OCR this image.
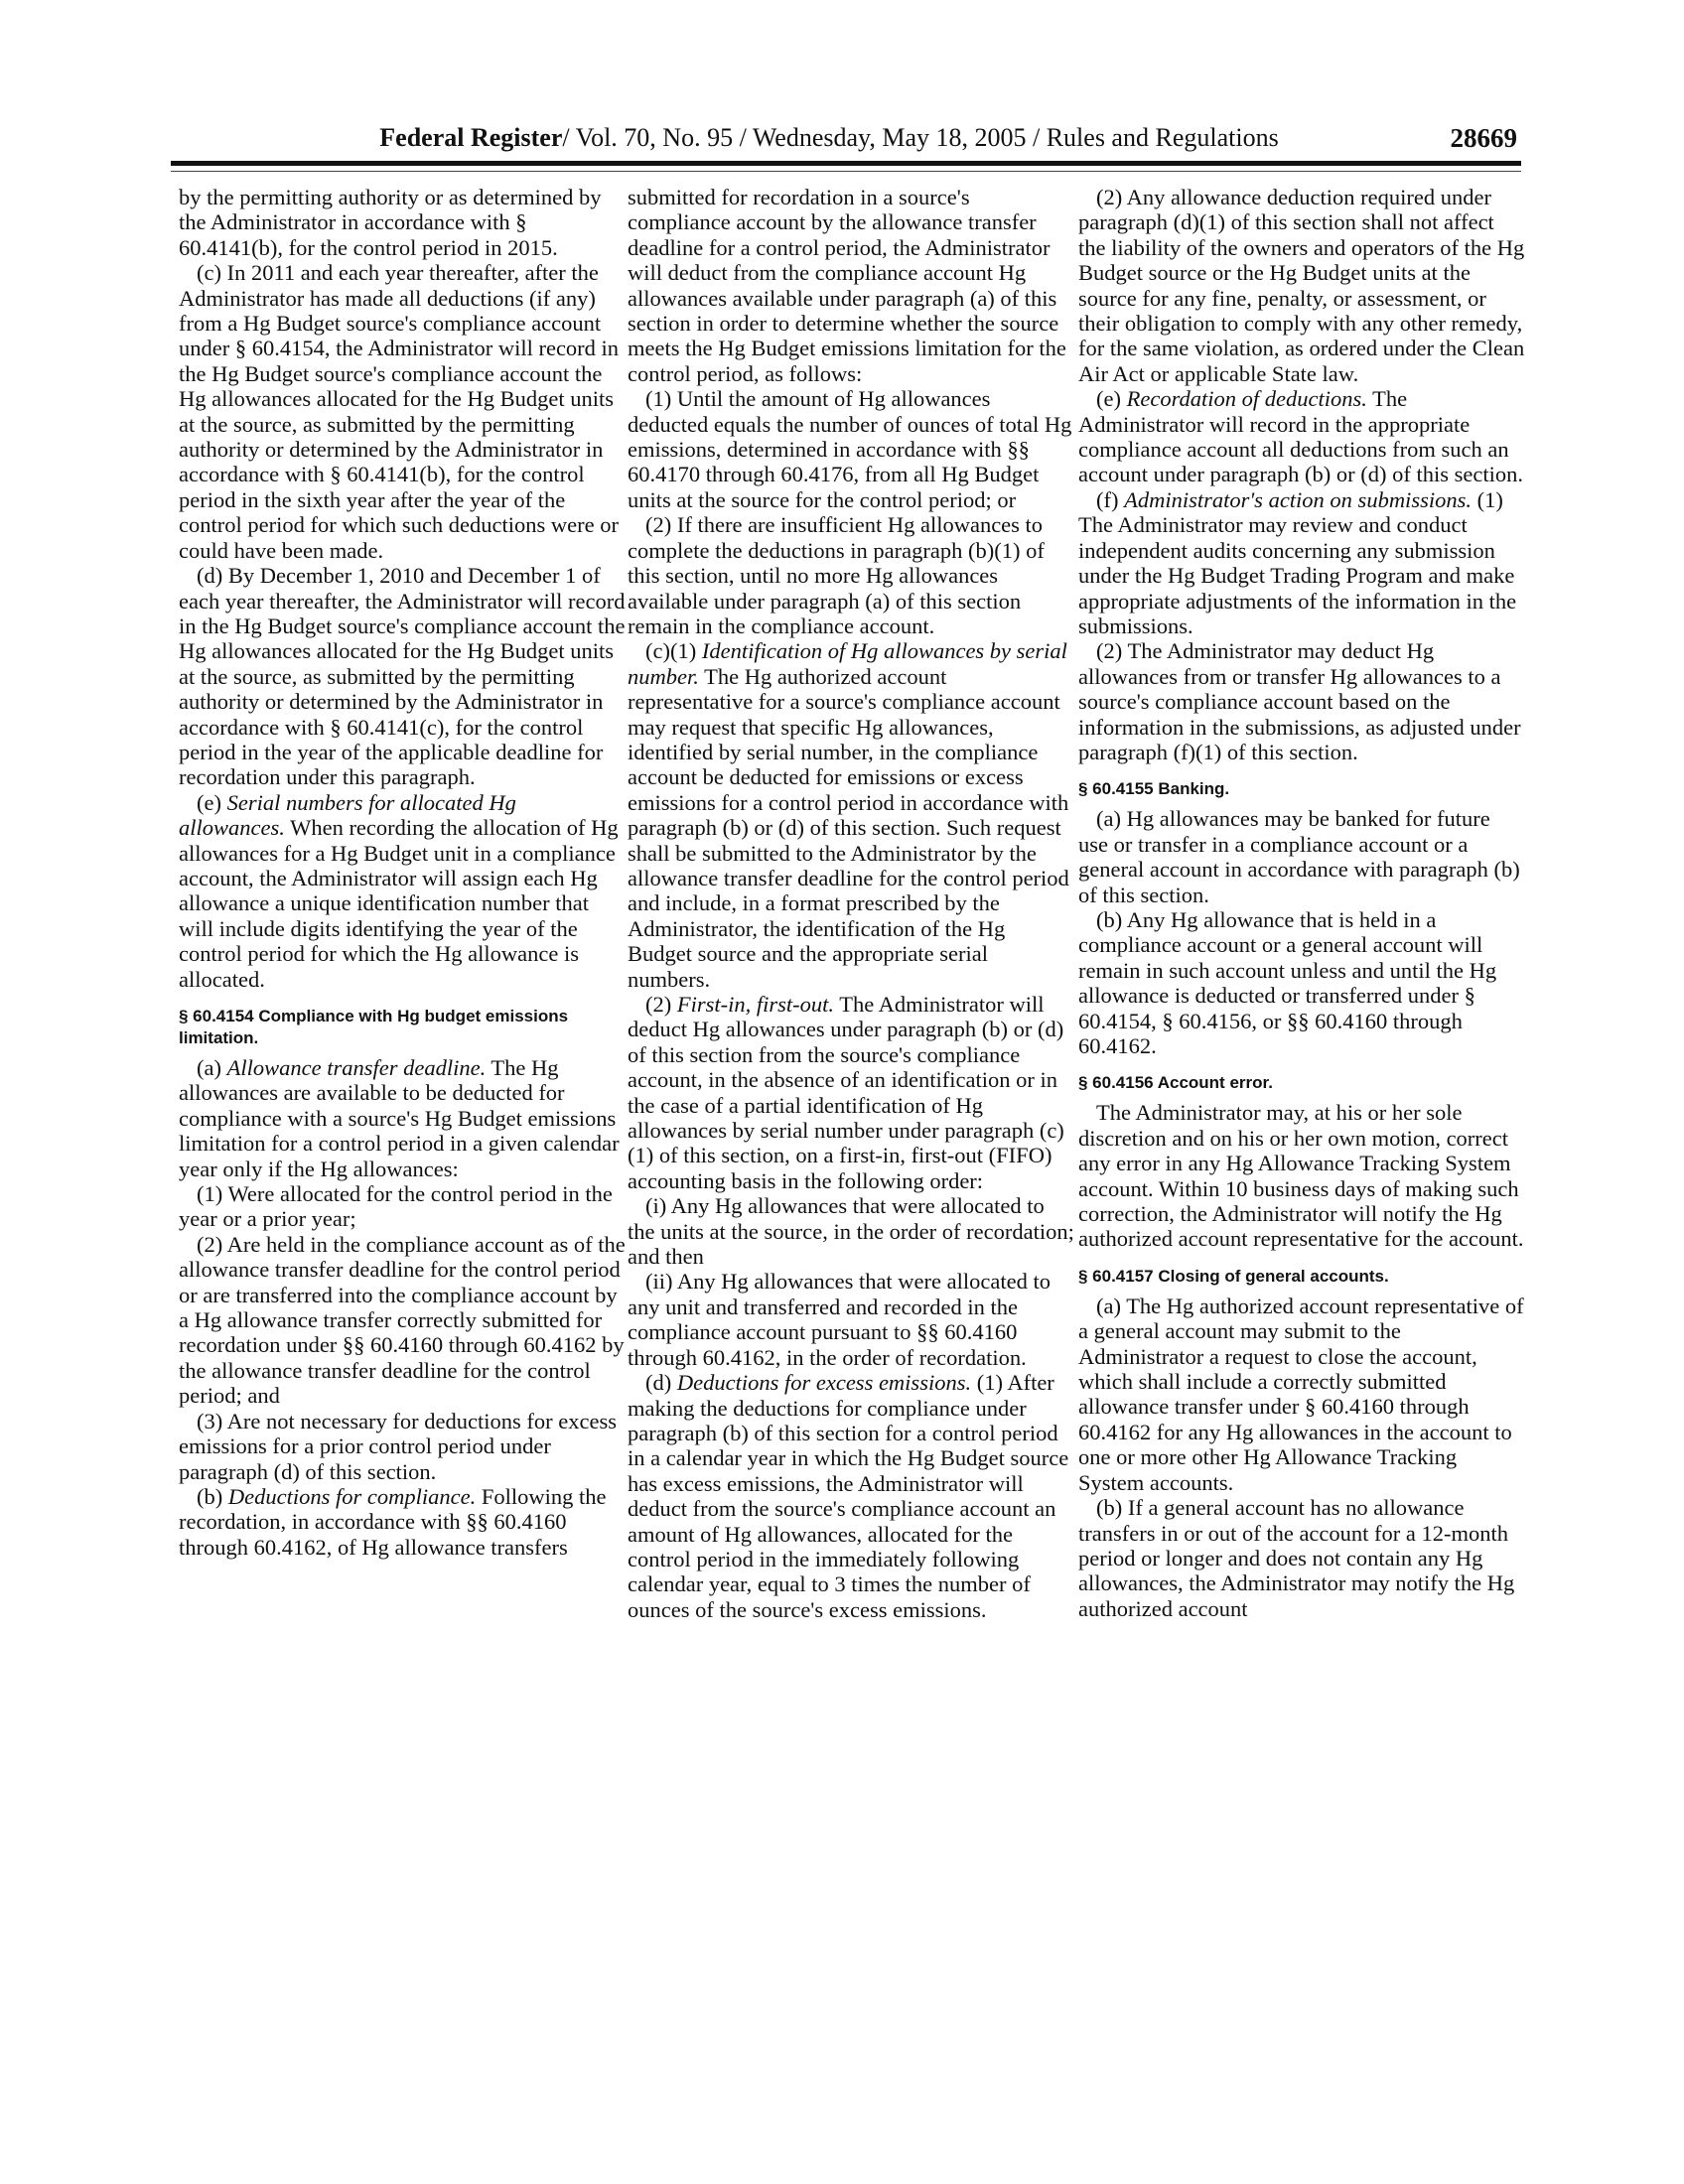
Federal Register/ Vol. 70, No. 95 / Wednesday, May 18, 2005 / Rules and Regulations	28669

by the permitting authority or as determined by the Administrator in accordance with § 60.4141(b), for the control period in 2015.

(c) In 2011 and each year thereafter, after the Administrator has made all deductions (if any) from a Hg Budget source's compliance account under § 60.4154, the Administrator will record in the Hg Budget source's compliance account the Hg allowances allocated for the Hg Budget units at the source, as submitted by the permitting authority or determined by the Administrator in accordance with § 60.4141(b), for the control period in the sixth year after the year of the control period for which such deductions were or could have been made.

(d) By December 1, 2010 and December 1 of each year thereafter, the Administrator will record in the Hg Budget source's compliance account the Hg allowances allocated for the Hg Budget units at the source, as submitted by the permitting authority or determined by the Administrator in accordance with § 60.4141(c), for the control period in the year of the applicable deadline for recordation under this paragraph.

(e) Serial numbers for allocated Hg allowances. When recording the allocation of Hg allowances for a Hg Budget unit in a compliance account, the Administrator will assign each Hg allowance a unique identification number that will include digits identifying the year of the control period for which the Hg allowance is allocated.

§ 60.4154 Compliance with Hg budget emissions limitation.

(a) Allowance transfer deadline. The Hg allowances are available to be deducted for compliance with a source's Hg Budget emissions limitation for a control period in a given calendar year only if the Hg allowances:

(1) Were allocated for the control period in the year or a prior year;

(2) Are held in the compliance account as of the allowance transfer deadline for the control period or are transferred into the compliance account by a Hg allowance transfer correctly submitted for recordation under §§ 60.4160 through 60.4162 by the allowance transfer deadline for the control period; and

(3) Are not necessary for deductions for excess emissions for a prior control period under paragraph (d) of this section.

(b) Deductions for compliance. Following the recordation, in accordance with §§ 60.4160 through 60.4162, of Hg allowance transfers

submitted for recordation in a source's compliance account by the allowance transfer deadline for a control period, the Administrator will deduct from the compliance account Hg allowances available under paragraph (a) of this section in order to determine whether the source meets the Hg Budget emissions limitation for the control period, as follows:

(1) Until the amount of Hg allowances deducted equals the number of ounces of total Hg emissions, determined in accordance with §§ 60.4170 through 60.4176, from all Hg Budget units at the source for the control period; or

(2) If there are insufficient Hg allowances to complete the deductions in paragraph (b)(1) of this section, until no more Hg allowances available under paragraph (a) of this section remain in the compliance account.

(c)(1) Identification of Hg allowances by serial number. The Hg authorized account representative for a source's compliance account may request that specific Hg allowances, identified by serial number, in the compliance account be deducted for emissions or excess emissions for a control period in accordance with paragraph (b) or (d) of this section. Such request shall be submitted to the Administrator by the allowance transfer deadline for the control period and include, in a format prescribed by the Administrator, the identification of the Hg Budget source and the appropriate serial numbers.

(2) First-in, first-out. The Administrator will deduct Hg allowances under paragraph (b) or (d) of this section from the source's compliance account, in the absence of an identification or in the case of a partial identification of Hg allowances by serial number under paragraph (c)(1) of this section, on a first-in, first-out (FIFO) accounting basis in the following order:

(i) Any Hg allowances that were allocated to the units at the source, in the order of recordation; and then

(ii) Any Hg allowances that were allocated to any unit and transferred and recorded in the compliance account pursuant to §§ 60.4160 through 60.4162, in the order of recordation.

(d) Deductions for excess emissions. (1) After making the deductions for compliance under paragraph (b) of this section for a control period in a calendar year in which the Hg Budget source has excess emissions, the Administrator will deduct from the source's compliance account an amount of Hg allowances, allocated for the control period in the immediately following calendar year, equal to 3 times the number of ounces of the source's excess emissions.

(2) Any allowance deduction required under paragraph (d)(1) of this section shall not affect the liability of the owners and operators of the Hg Budget source or the Hg Budget units at the source for any fine, penalty, or assessment, or their obligation to comply with any other remedy, for the same violation, as ordered under the Clean Air Act or applicable State law.

(e) Recordation of deductions. The Administrator will record in the appropriate compliance account all deductions from such an account under paragraph (b) or (d) of this section.

(f) Administrator's action on submissions. (1) The Administrator may review and conduct independent audits concerning any submission under the Hg Budget Trading Program and make appropriate adjustments of the information in the submissions.

(2) The Administrator may deduct Hg allowances from or transfer Hg allowances to a source's compliance account based on the information in the submissions, as adjusted under paragraph (f)(1) of this section.

§ 60.4155 Banking.

(a) Hg allowances may be banked for future use or transfer in a compliance account or a general account in accordance with paragraph (b) of this section.

(b) Any Hg allowance that is held in a compliance account or a general account will remain in such account unless and until the Hg allowance is deducted or transferred under § 60.4154, § 60.4156, or §§ 60.4160 through 60.4162.

§ 60.4156 Account error.

The Administrator may, at his or her sole discretion and on his or her own motion, correct any error in any Hg Allowance Tracking System account. Within 10 business days of making such correction, the Administrator will notify the Hg authorized account representative for the account.

§ 60.4157 Closing of general accounts.

(a) The Hg authorized account representative of a general account may submit to the Administrator a request to close the account, which shall include a correctly submitted allowance transfer under § 60.4160 through 60.4162 for any Hg allowances in the account to one or more other Hg Allowance Tracking System accounts.

(b) If a general account has no allowance transfers in or out of the account for a 12-month period or longer and does not contain any Hg allowances, the Administrator may notify the Hg authorized account
